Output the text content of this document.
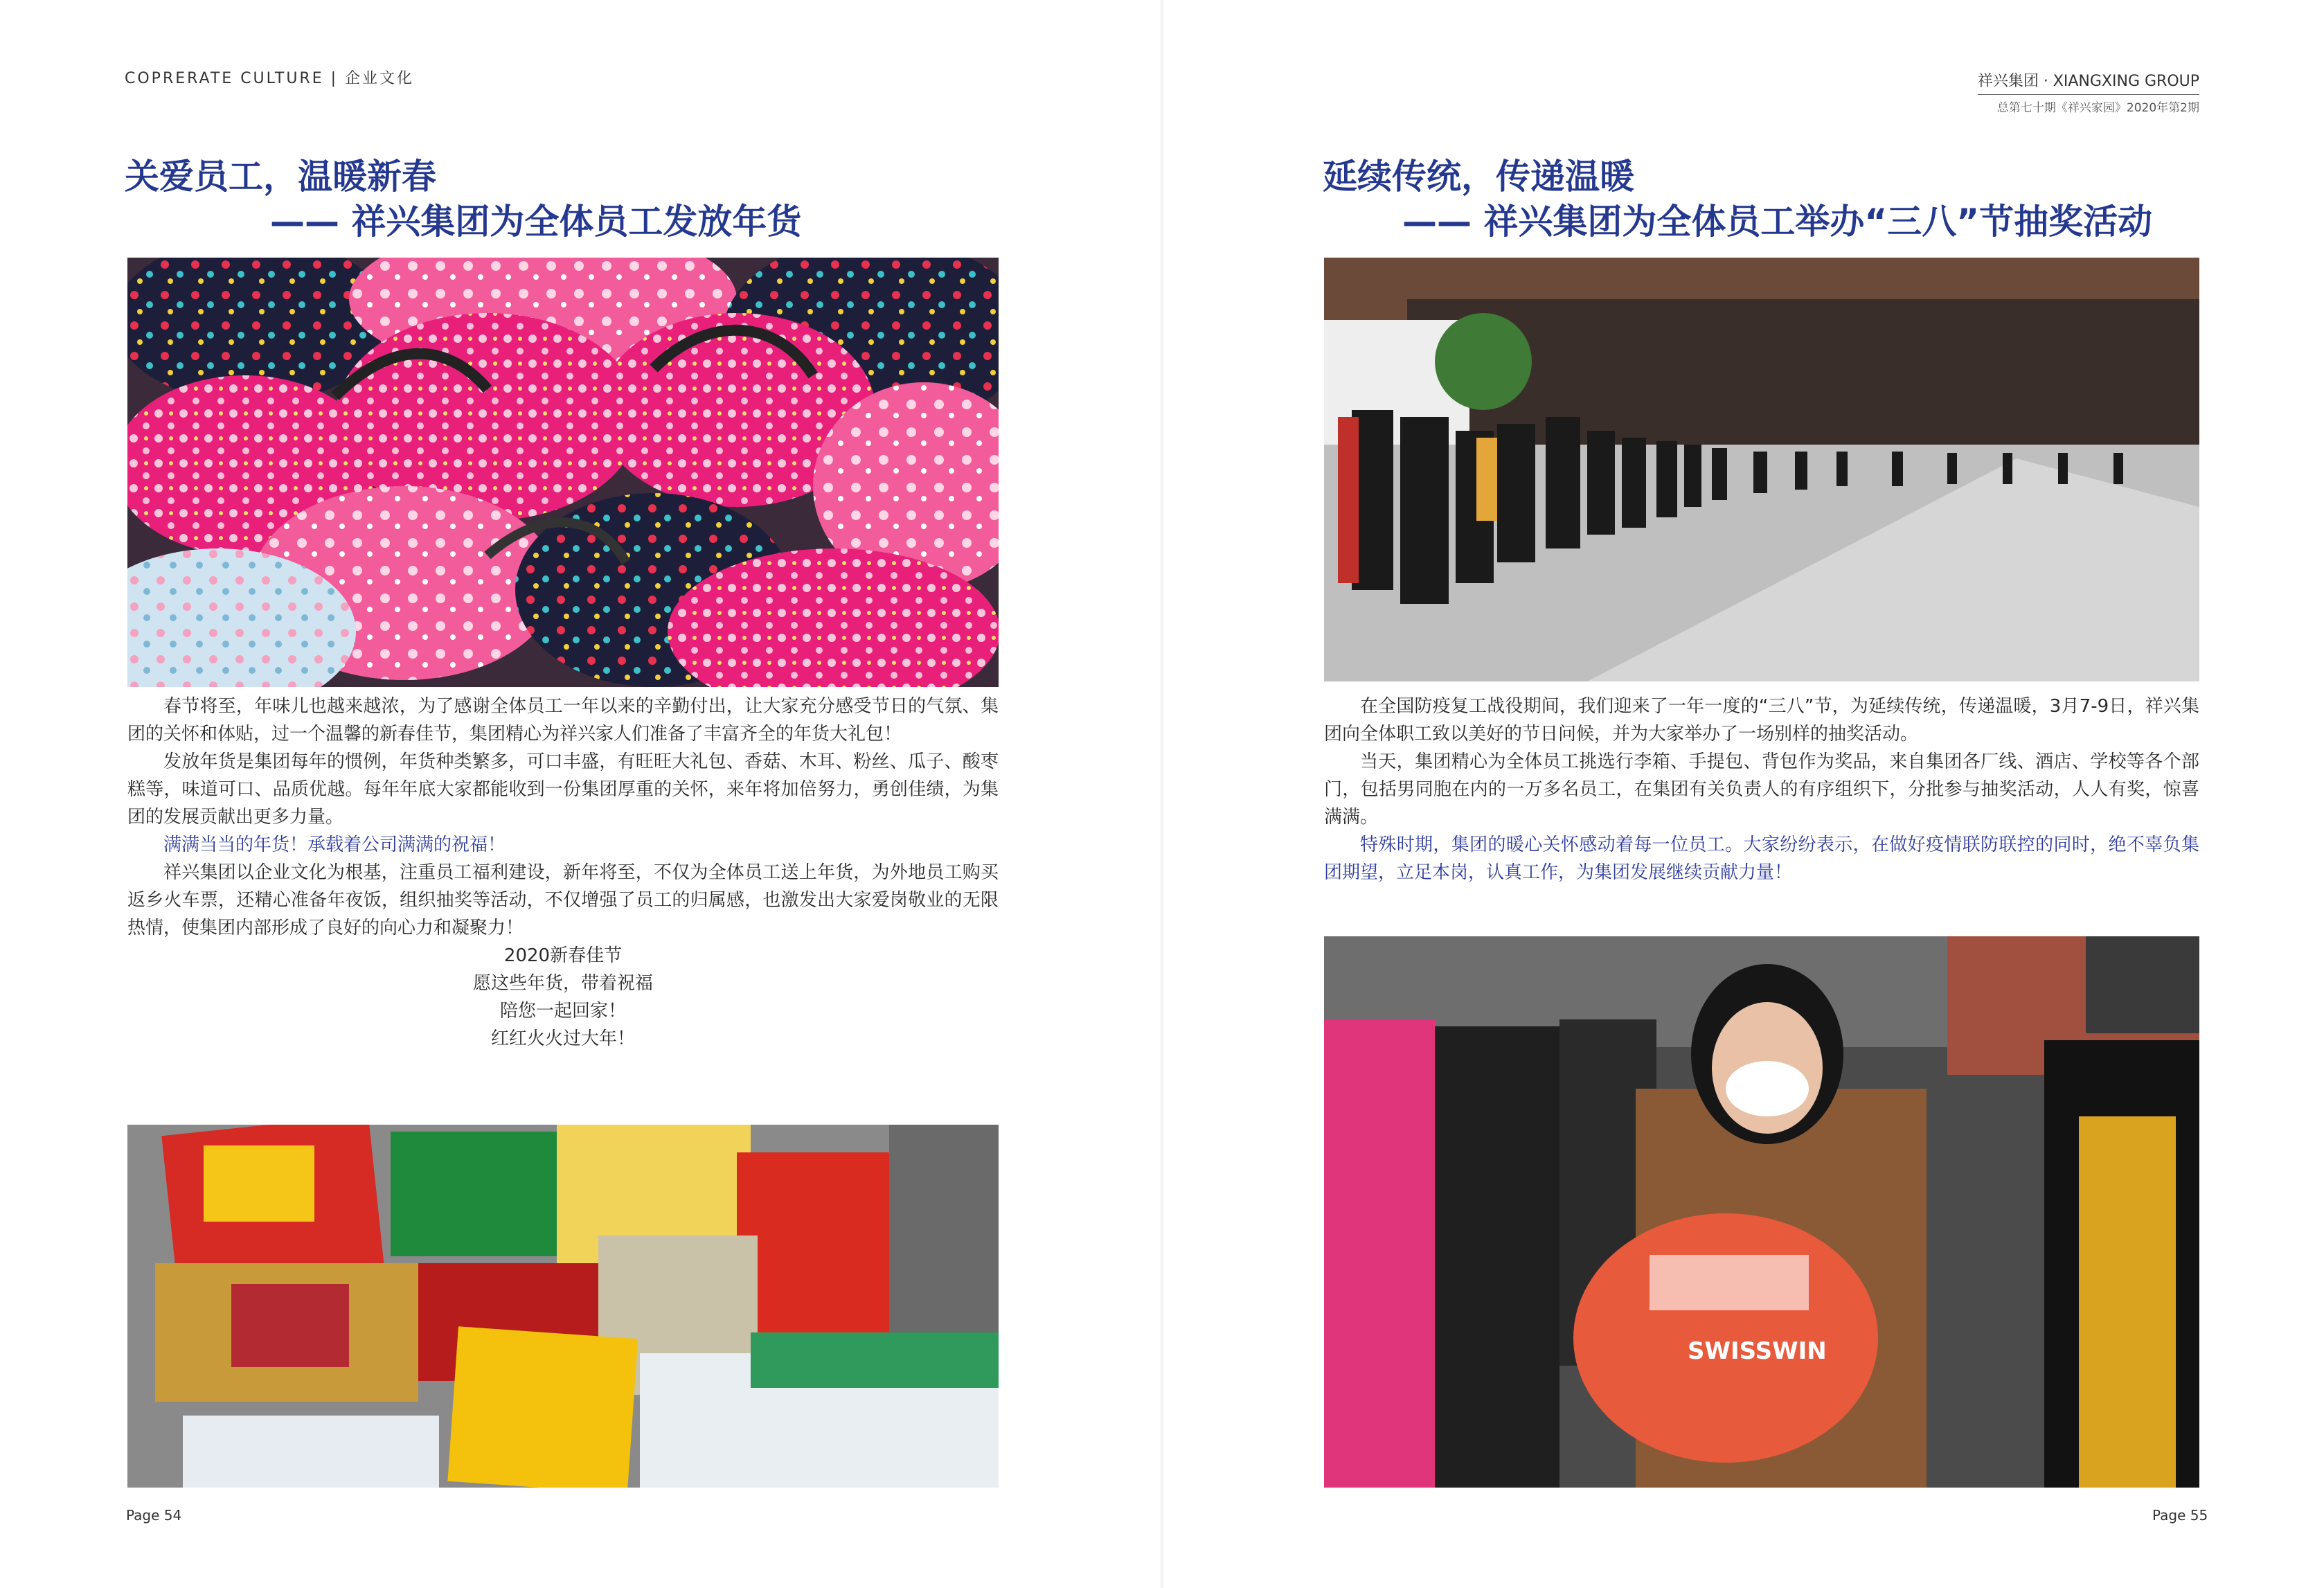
COPRERATE CULTURE | 企业文化	祥兴集团 · XIANGXING GROUP
总第七十期《祥兴家园》2020年第2期
关爱员工，温暖新春
—— 祥兴集团为全体员工发放年货

春节将至，年味儿也越来越浓，为了感谢全体员工一年以来的辛勤付出，让大家充分感受节日的气氛、集团的关怀和体贴，过一个温馨的新春佳节，集团精心为祥兴家人们准备了丰富齐全的年货大礼包！

发放年货是集团每年的惯例，年货种类繁多，可口丰盛，有旺旺大礼包、香菇、木耳、粉丝、瓜子、酸枣糕等，味道可口、品质优越。每年年底大家都能收到一份集团厚重的关怀，来年将加倍努力，勇创佳绩，为集团的发展贡献出更多力量。

满满当当的年货！承载着公司满满的祝福！

祥兴集团以企业文化为根基，注重员工福利建设，新年将至，不仅为全体员工送上年货，为外地员工购买返乡火车票，还精心准备年夜饭，组织抽奖等活动，不仅增强了员工的归属感，也激发出大家爱岗敬业的无限热情，使集团内部形成了良好的向心力和凝聚力！

2020新春佳节
愿这些年货，带着祝福
陪您一起回家！
红红火火过大年！
延续传统，传递温暖
—— 祥兴集团为全体员工举办“三八”节抽奖活动

在全国防疫复工战役期间，我们迎来了一年一度的“三八”节，为延续传统，传递温暖，3月7-9日，祥兴集团向全体职工致以美好的节日问候，并为大家举办了一场别样的抽奖活动。

当天，集团精心为全体员工挑选行李箱、手提包、背包作为奖品，来自集团各厂线、酒店、学校等各个部门，包括男同胞在内的一万多名员工，在集团有关负责人的有序组织下，分批参与抽奖活动，人人有奖，惊喜满满。

特殊时期，集团的暖心关怀感动着每一位员工。大家纷纷表示，在做好疫情联防联控的同时，绝不辜负集团期望，立足本岗，认真工作，为集团发展继续贡献力量！

SWISSWIN
Page 54	Page 55
